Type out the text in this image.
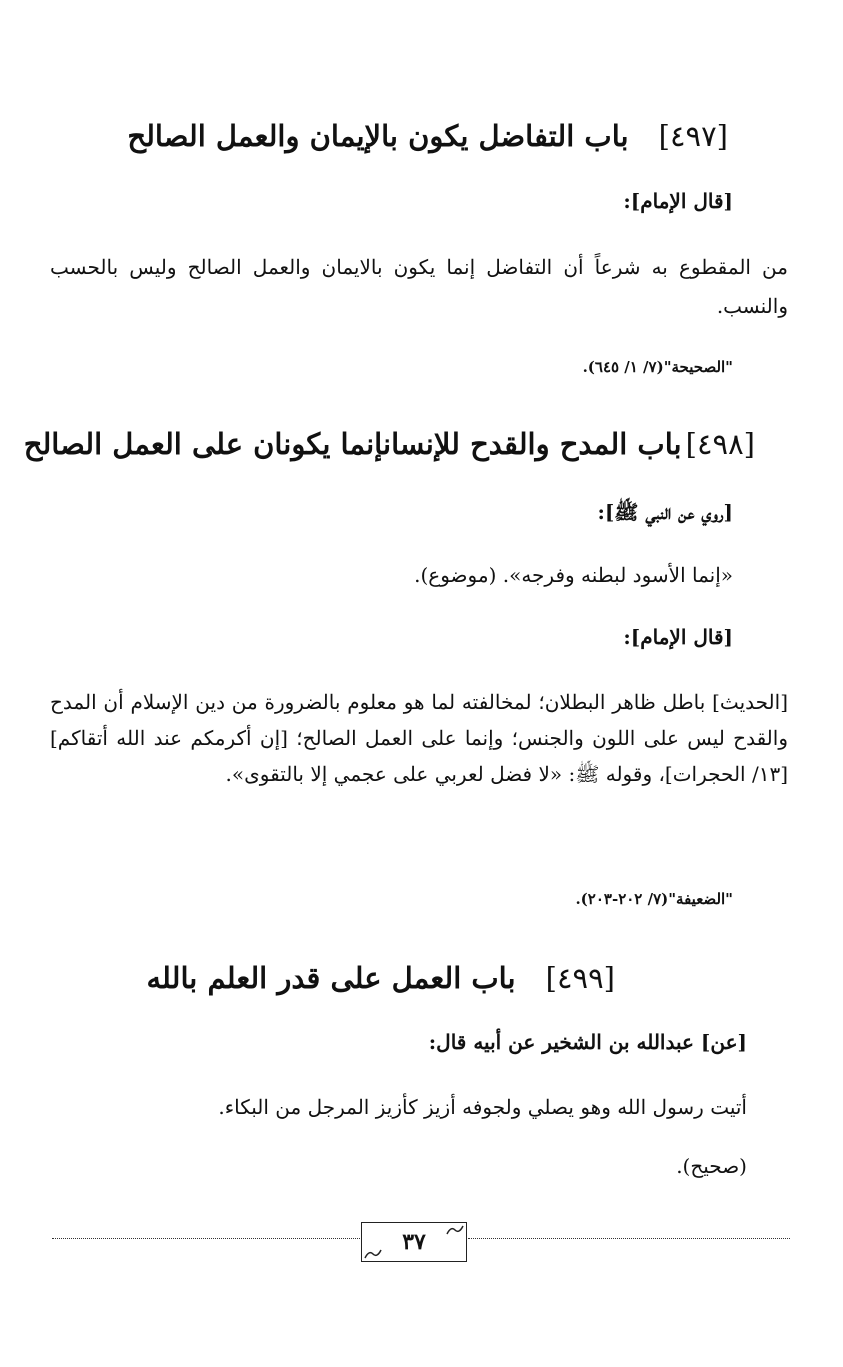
[٤٩٧]باب التفاضل يكون بالإيمان والعمل الصالح
[قال الإمام]:

من المقطوع به شرعاً أن التفاضل إنما يكون بالايمان والعمل الصالح وليس بالحسب والنسب.

"الصحيحة"(٧/ ١/ ٦٤٥).
[٤٩٨]باب المدح والقدح للإنسانإنما يكونان على العمل الصالح
[روي عن النبي ﷺ]:
«إنما الأسود لبطنه وفرجه». (موضوع).
[قال الإمام]:

[الحديث] باطل ظاهر البطلان؛ لمخالفته لما هو معلوم بالضرورة من دين الإسلام أن المدح والقدح ليس على اللون والجنس؛ وإنما على العمل الصالح؛ [إن أكرمكم عند الله أتقاكم] [١٣/ الحجرات]، وقوله ﷺ: «لا فضل لعربي على عجمي إلا بالتقوى».

"الضعيفة"(٧/ ٢٠٢-٢٠٣).
[٤٩٩]باب العمل على قدر العلم بالله
[عن] عبدالله بن الشخير عن أبيه قال:
أتيت رسول الله وهو يصلي ولجوفه أزيز كأزيز المرجل من البكاء.
(صحيح).
٣٧
